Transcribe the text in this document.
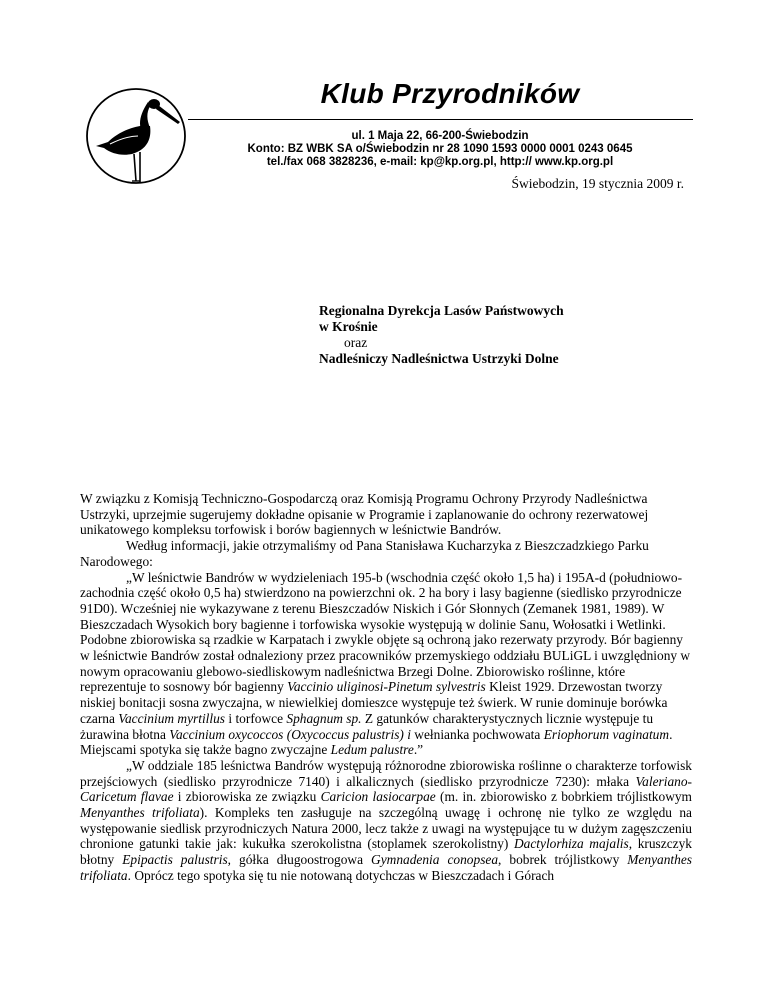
Klub Przyrodników
ul. 1 Maja 22, 66-200-Świebodzin
Konto: BZ WBK SA o/Świebodzin nr 28 1090 1593 0000 0001 0243 0645
tel./fax 068 3828236, e-mail: kp@kp.org.pl, http:// www.kp.org.pl
Świebodzin, 19 stycznia 2009 r.
Regionalna Dyrekcja Lasów Państwowych
w Krośnie
oraz
Nadleśniczy Nadleśnictwa Ustrzyki Dolne

W związku z Komisją Techniczno-Gospodarczą oraz Komisją Programu Ochrony Przyrody Nadleśnictwa Ustrzyki, uprzejmie sugerujemy dokładne opisanie w Programie i zaplanowanie do ochrony rezerwatowej unikatowego kompleksu torfowisk i borów bagiennych w leśnictwie Bandrów.

Według informacji, jakie otrzymaliśmy od Pana Stanisława Kucharzyka z Bieszczadzkiego Parku Narodowego:

„W leśnictwie Bandrów w wydzieleniach 195-b (wschodnia część około 1,5 ha) i 195A-d (południowo-zachodnia część około 0,5 ha) stwierdzono na powierzchni ok. 2 ha bory i lasy bagienne (siedlisko przyrodnicze 91D0). Wcześniej nie wykazywane z terenu Bieszczadów Niskich i Gór Słonnych (Zemanek 1981, 1989). W Bieszczadach Wysokich bory bagienne i torfowiska wysokie występują w dolinie Sanu, Wołosatki i Wetlinki. Podobne zbiorowiska są rzadkie w Karpatach i zwykle objęte są ochroną jako rezerwaty przyrody. Bór bagienny w leśnictwie Bandrów został odnaleziony przez pracowników przemyskiego oddziału BULiGL i uwzględniony w nowym opracowaniu glebowo-siedliskowym nadleśnictwa Brzegi Dolne. Zbiorowisko roślinne, które reprezentuje to sosnowy bór bagienny Vaccinio uliginosi-Pinetum sylvestris Kleist 1929. Drzewostan tworzy niskiej bonitacji sosna zwyczajna, w niewielkiej domieszce występuje też świerk. W runie dominuje borówka czarna Vaccinium myrtillus i torfowce Sphagnum sp. Z gatunków charakterystycznych licznie występuje tu żurawina błotna Vaccinium oxycoccos (Oxycoccus palustris) i wełnianka pochwowata Eriophorum vaginatum. Miejscami spotyka się także bagno zwyczajne Ledum palustre.”

„W oddziale 185 leśnictwa Bandrów występują różnorodne zbiorowiska roślinne o charakterze torfowisk przejściowych (siedlisko przyrodnicze 7140) i alkalicznych (siedlisko przyrodnicze 7230): młaka Valeriano-Caricetum flavae i zbiorowiska ze związku Caricion lasiocarpae (m. in. zbiorowisko z bobrkiem trójlistkowym Menyanthes trifoliata). Kompleks ten zasługuje na szczególną uwagę i ochronę nie tylko ze względu na występowanie siedlisk przyrodniczych Natura 2000, lecz także z uwagi na występujące tu w dużym zagęszczeniu chronione gatunki takie jak: kukułka szerokolistna (stoplamek szerokolistny) Dactylorhiza majalis, kruszczyk błotny Epipactis palustris, gółka długoostrogowa Gymnadenia conopsea, bobrek trójlistkowy Menyanthes trifoliata. Oprócz tego spotyka się tu nie notowaną dotychczas w Bieszczadach i Górach
